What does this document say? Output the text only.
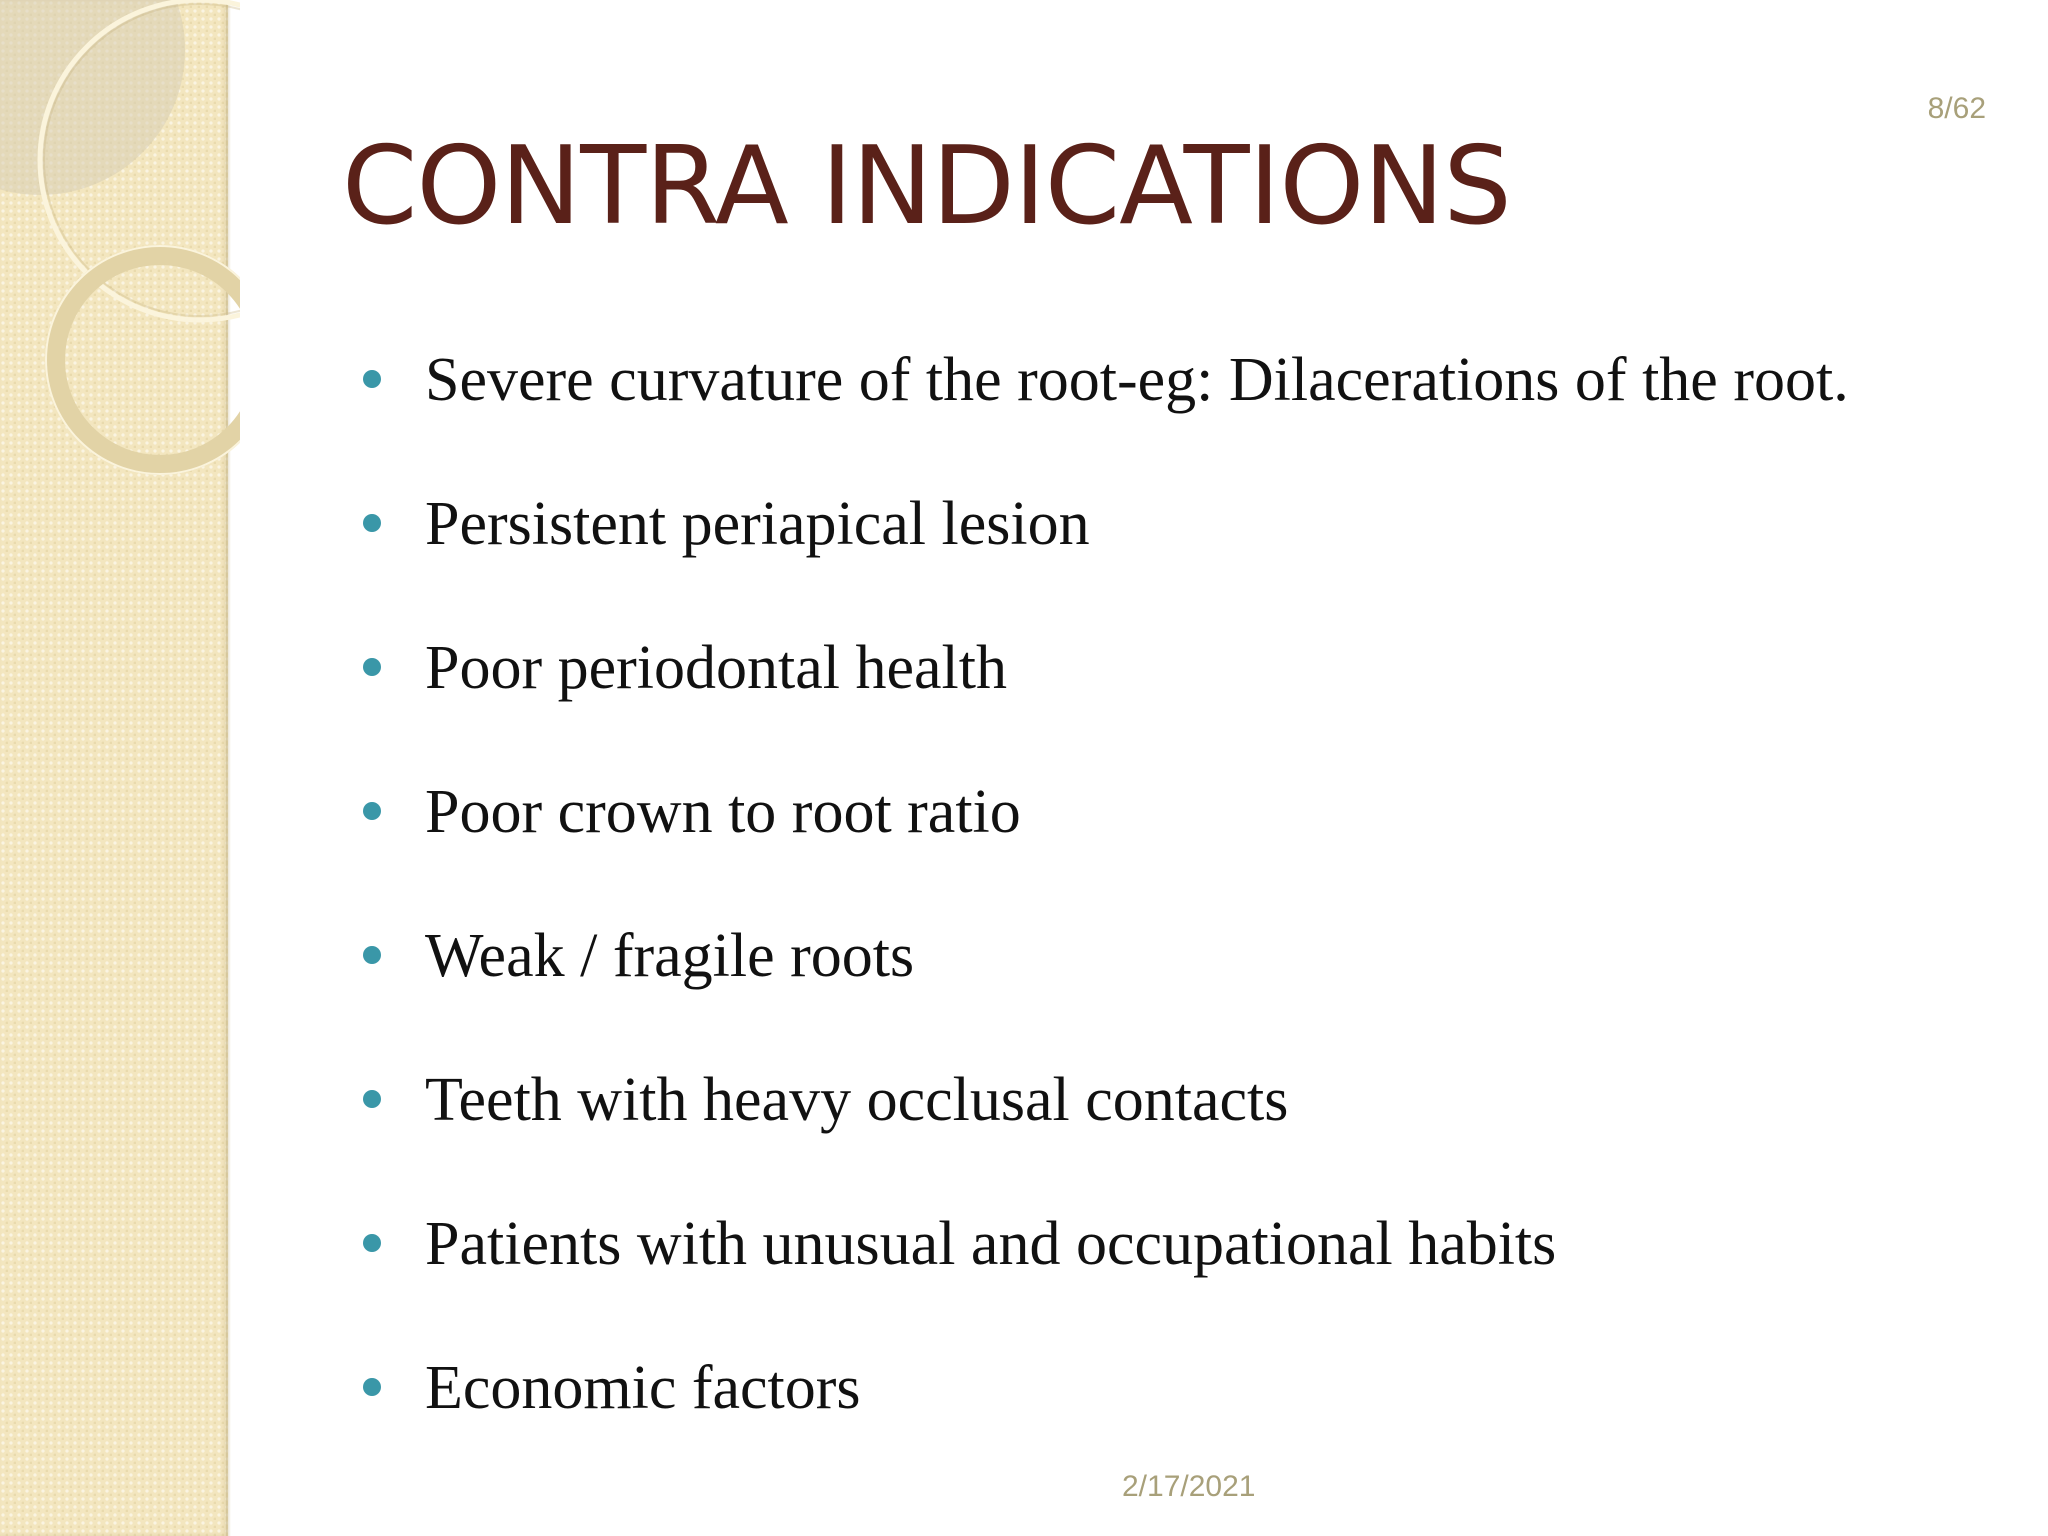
8/62
CONTRA INDICATIONS
Severe curvature of the root-eg: Dilacerations of the root.
Persistent periapical lesion
Poor periodontal health
Poor crown to root ratio
Weak / fragile roots
Teeth with heavy occlusal contacts
Patients with unusual and occupational habits
Economic factors
2/17/2021
